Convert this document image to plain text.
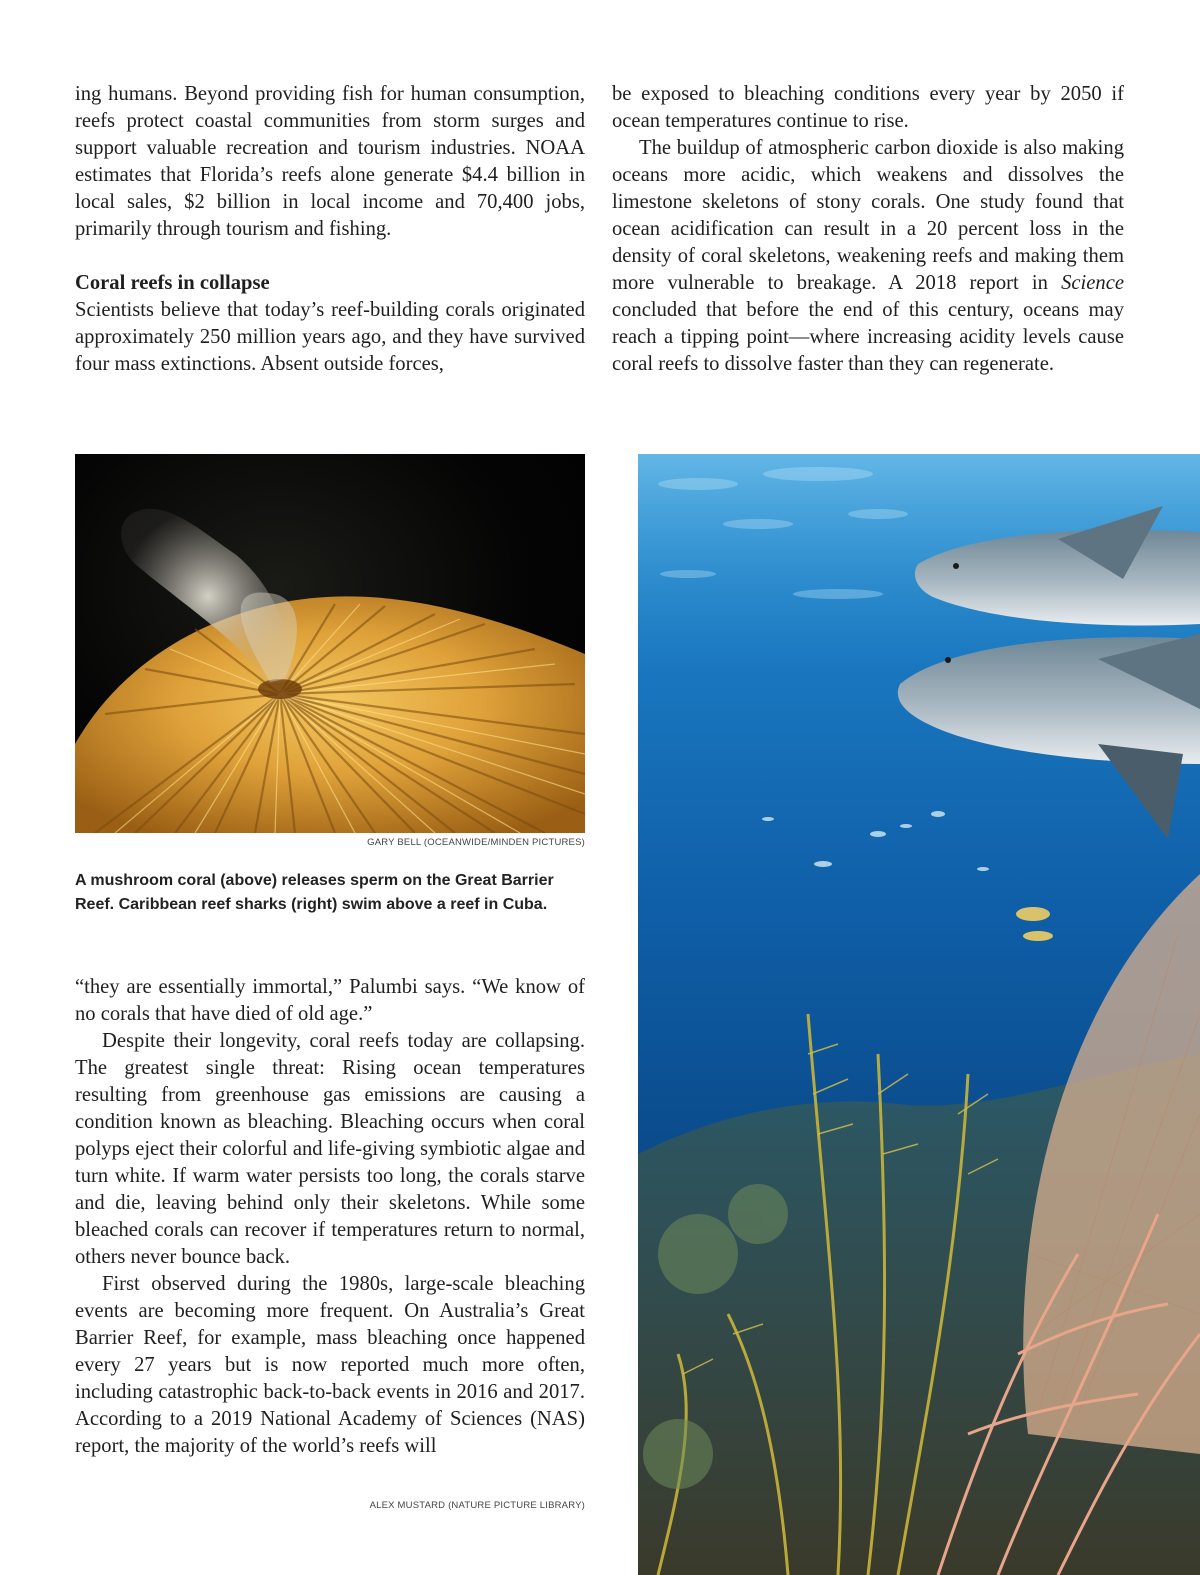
ing humans. Beyond providing fish for human consumption, reefs protect coastal communities from storm surges and support valuable recreation and tourism industries. NOAA estimates that Florida’s reefs alone generate $4.4 billion in local sales, $2 billion in local income and 70,400 jobs, primarily through tourism and fishing.

Coral reefs in collapse

Scientists believe that today’s reef-building corals originated approximately 250 million years ago, and they have survived four mass extinctions. Absent outside forces,

be exposed to bleaching conditions every year by 2050 if ocean temperatures continue to rise.

The buildup of atmospheric carbon dioxide is also making oceans more acidic, which weakens and dissolves the limestone skeletons of stony corals. One study found that ocean acidification can result in a 20 percent loss in the density of coral skeletons, weakening reefs and making them more vulnerable to breakage. A 2018 report in Science concluded that before the end of this century, oceans may reach a tipping point—where increasing acidity levels cause coral reefs to dissolve faster than they can regenerate.

GARY BELL (OCEANWIDE/MINDEN PICTURES)
A mushroom coral (above) releases sperm on the Great Barrier Reef. Caribbean reef sharks (right) swim above a reef in Cuba.

“they are essentially immortal,” Palumbi says. “We know of no corals that have died of old age.”

Despite their longevity, coral reefs today are collapsing. The greatest single threat: Rising ocean temperatures resulting from greenhouse gas emissions are causing a condition known as bleaching. Bleaching occurs when coral polyps eject their colorful and life-giving symbiotic algae and turn white. If warm water persists too long, the corals starve and die, leaving behind only their skeletons. While some bleached corals can recover if temperatures return to normal, others never bounce back.

First observed during the 1980s, large-scale bleaching events are becoming more frequent. On Australia’s Great Barrier Reef, for example, mass bleaching once happened every 27 years but is now reported much more often, including catastrophic back-to-back events in 2016 and 2017. According to a 2019 National Academy of Sciences (NAS) report, the majority of the world’s reefs will

ALEX MUSTARD (NATURE PICTURE LIBRARY)
